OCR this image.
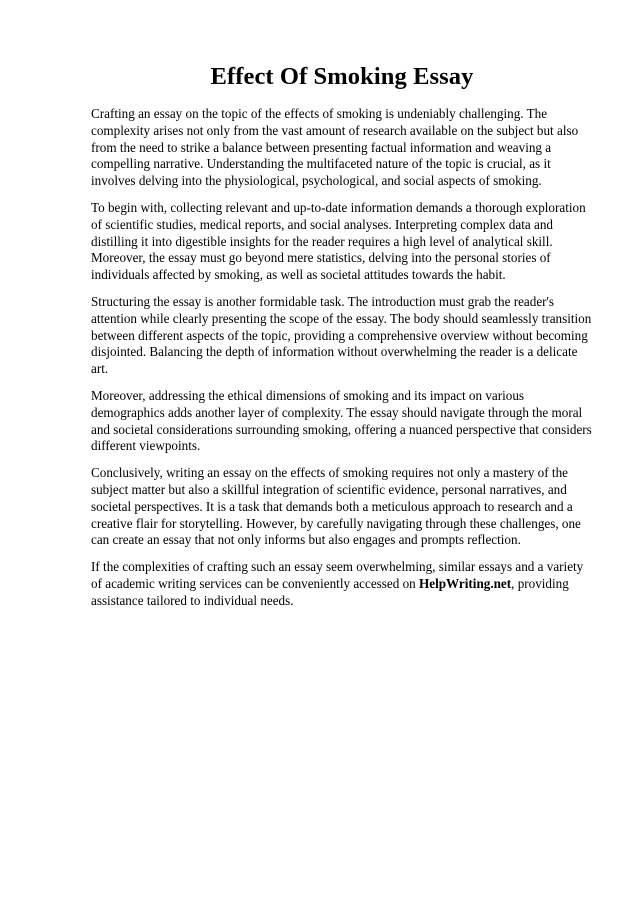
Effect Of Smoking Essay

Crafting an essay on the topic of the effects of smoking is undeniably challenging. The complexity arises not only from the vast amount of research available on the subject but also from the need to strike a balance between presenting factual information and weaving a compelling narrative. Understanding the multifaceted nature of the topic is crucial, as it involves delving into the physiological, psychological, and social aspects of smoking.

To begin with, collecting relevant and up-to-date information demands a thorough exploration of scientific studies, medical reports, and social analyses. Interpreting complex data and distilling it into digestible insights for the reader requires a high level of analytical skill. Moreover, the essay must go beyond mere statistics, delving into the personal stories of individuals affected by smoking, as well as societal attitudes towards the habit.

Structuring the essay is another formidable task. The introduction must grab the reader's attention while clearly presenting the scope of the essay. The body should seamlessly transition between different aspects of the topic, providing a comprehensive overview without becoming disjointed. Balancing the depth of information without overwhelming the reader is a delicate art.

Moreover, addressing the ethical dimensions of smoking and its impact on various demographics adds another layer of complexity. The essay should navigate through the moral and societal considerations surrounding smoking, offering a nuanced perspective that considers different viewpoints.

Conclusively, writing an essay on the effects of smoking requires not only a mastery of the subject matter but also a skillful integration of scientific evidence, personal narratives, and societal perspectives. It is a task that demands both a meticulous approach to research and a creative flair for storytelling. However, by carefully navigating through these challenges, one can create an essay that not only informs but also engages and prompts reflection.

If the complexities of crafting such an essay seem overwhelming, similar essays and a variety of academic writing services can be conveniently accessed on HelpWriting.net, providing assistance tailored to individual needs.
